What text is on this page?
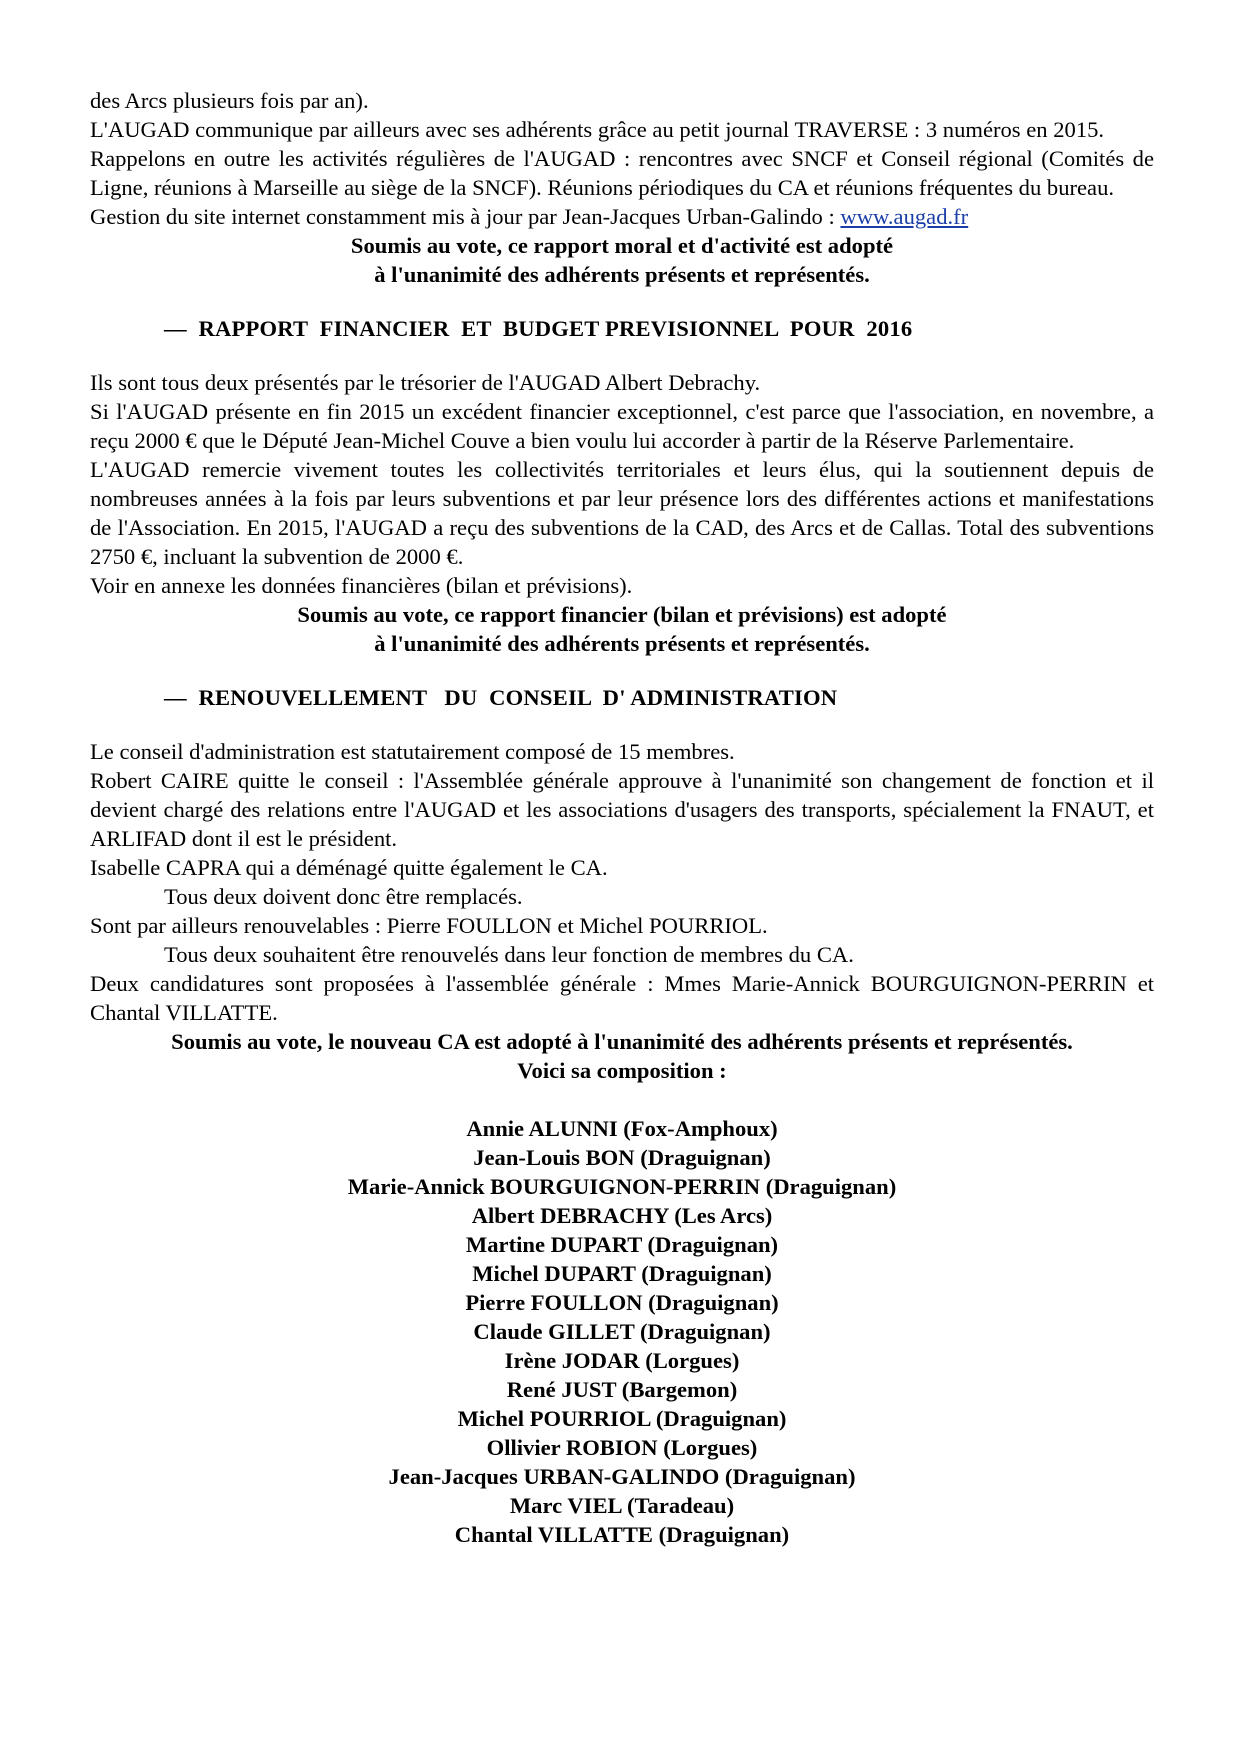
des Arcs plusieurs fois par an).
L'AUGAD communique par ailleurs avec ses adhérents grâce au petit journal TRAVERSE : 3 numéros en 2015.
Rappelons en outre les activités régulières de l'AUGAD : rencontres avec SNCF et Conseil régional (Comités de Ligne, réunions à Marseille au siège de la SNCF). Réunions périodiques du CA et réunions fréquentes du bureau.
Gestion du site internet constamment mis à jour par Jean-Jacques Urban-Galindo : www.augad.fr

Soumis au vote, ce rapport moral et d'activité est adopté
à l'unanimité des adhérents présents et représentés.
—  RAPPORT  FINANCIER  ET  BUDGET PREVISIONNEL  POUR  2016

Ils sont tous deux présentés par le trésorier de l'AUGAD Albert Debrachy.
Si l'AUGAD présente en fin 2015 un excédent financier exceptionnel, c'est parce que l'association, en novembre, a reçu 2000 € que le Député Jean-Michel Couve a bien voulu lui accorder à partir de la Réserve Parlementaire.
L'AUGAD remercie vivement toutes les collectivités territoriales et leurs élus, qui la soutiennent depuis de nombreuses années à la fois par leurs subventions et par leur présence lors des différentes actions et manifestations de l'Association. En 2015, l'AUGAD a reçu des subventions de la CAD, des Arcs et de Callas. Total des subventions 2750 €, incluant la subvention de 2000 €.
Voir en annexe les données financières (bilan et prévisions).

Soumis au vote, ce rapport financier (bilan et prévisions) est adopté
à l'unanimité des adhérents présents et représentés.
—  RENOUVELLEMENT   DU  CONSEIL  D' ADMINISTRATION

Le conseil d'administration est statutairement composé de 15 membres.
Robert CAIRE quitte le conseil : l'Assemblée générale approuve à l'unanimité son changement de fonction et il devient chargé des relations entre l'AUGAD et les associations d'usagers des transports, spécialement la FNAUT, et ARLIFAD dont il est le président.
Isabelle CAPRA qui a déménagé quitte également le CA.
Tous deux doivent donc être remplacés.
Sont par ailleurs renouvelables : Pierre FOULLON et Michel POURRIOL.
Tous deux souhaitent être renouvelés dans leur fonction de membres du CA.
Deux candidatures sont proposées à l'assemblée générale : Mmes Marie-Annick BOURGUIGNON-PERRIN et Chantal VILLATTE.

Soumis au vote, le nouveau CA est adopté à l'unanimité des adhérents présents et représentés.
Voici sa composition :
Annie ALUNNI (Fox-Amphoux)
Jean-Louis BON (Draguignan)
Marie-Annick BOURGUIGNON-PERRIN (Draguignan)
Albert DEBRACHY (Les Arcs)
Martine DUPART (Draguignan)
Michel DUPART (Draguignan)
Pierre FOULLON (Draguignan)
Claude GILLET (Draguignan)
Irène JODAR (Lorgues)
René JUST (Bargemon)
Michel POURRIOL (Draguignan)
Ollivier ROBION (Lorgues)
Jean-Jacques URBAN-GALINDO (Draguignan)
Marc VIEL (Taradeau)
Chantal VILLATTE (Draguignan)
